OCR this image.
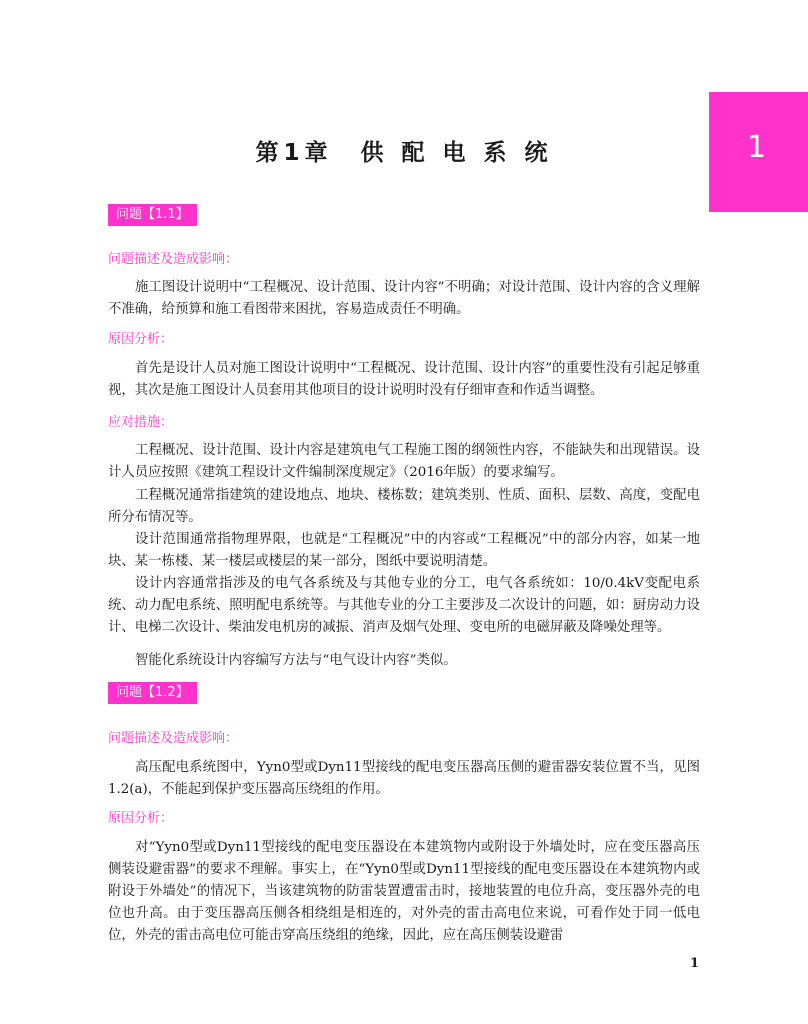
1
第1章　供 配 电 系 统
问题【1.1】
问题描述及造成影响：

施工图设计说明中“工程概况、设计范围、设计内容”不明确；对设计范围、设计内容的含义理解不准确，给预算和施工看图带来困扰，容易造成责任不明确。

原因分析：

首先是设计人员对施工图设计说明中“工程概况、设计范围、设计内容”的重要性没有引起足够重视，其次是施工图设计人员套用其他项目的设计说明时没有仔细审查和作适当调整。

应对措施：

工程概况、设计范围、设计内容是建筑电气工程施工图的纲领性内容，不能缺失和出现错误。设计人员应按照《建筑工程设计文件编制深度规定》（2016年版）的要求编写。

工程概况通常指建筑的建设地点、地块、楼栋数；建筑类别、性质、面积、层数、高度，变配电所分布情况等。

设计范围通常指物理界限，也就是“工程概况”中的内容或“工程概况”中的部分内容，如某一地块、某一栋楼、某一楼层或楼层的某一部分，图纸中要说明清楚。

设计内容通常指涉及的电气各系统及与其他专业的分工，电气各系统如：10/0.4kV变配电系统、动力配电系统、照明配电系统等。与其他专业的分工主要涉及二次设计的问题，如：厨房动力设计、电梯二次设计、柴油发电机房的减振、消声及烟气处理、变电所的电磁屏蔽及降噪处理等。

智能化系统设计内容编写方法与“电气设计内容”类似。

问题【1.2】
问题描述及造成影响：

高压配电系统图中，Yyn0型或Dyn11型接线的配电变压器高压侧的避雷器安装位置不当，见图1.2(a)，不能起到保护变压器高压绕组的作用。

原因分析：

对“Yyn0型或Dyn11型接线的配电变压器设在本建筑物内或附设于外墙处时，应在变压器高压侧装设避雷器”的要求不理解。事实上，在“Yyn0型或Dyn11型接线的配电变压器设在本建筑物内或附设于外墙处”的情况下，当该建筑物的防雷装置遭雷击时，接地装置的电位升高，变压器外壳的电位也升高。由于变压器高压侧各相绕组是相连的，对外壳的雷击高电位来说，可看作处于同一低电位，外壳的雷击高电位可能击穿高压绕组的绝缘，因此，应在高压侧装设避雷

1
